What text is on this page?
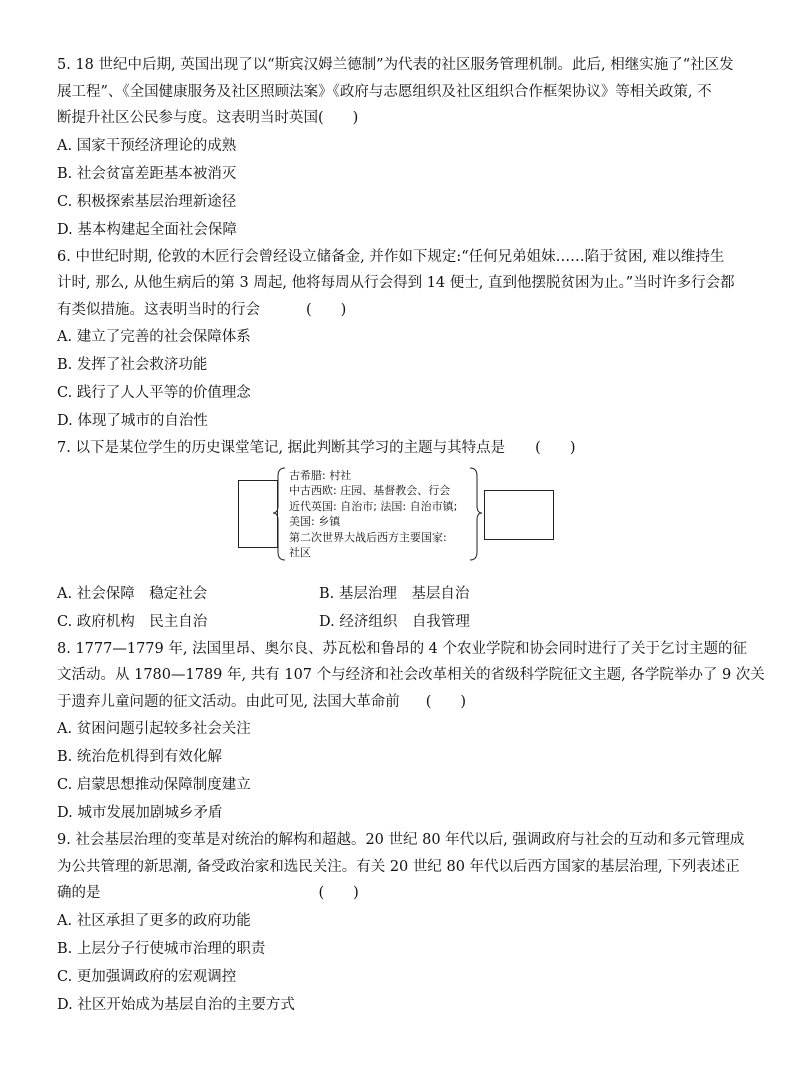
5. 18 世纪中后期, 英国出现了以“斯宾汉姆兰德制”为代表的社区服务管理机制。此后, 相继实施了“社区发
展工程”、《全国健康服务及社区照顾法案》《政府与志愿组织及社区组织合作框架协议》等相关政策, 不
断提升社区公民参与度。这表明当时英国(　　)
A. 国家干预经济理论的成熟
B. 社会贫富差距基本被消灭
C. 积极探索基层治理新途径
D. 基本构建起全面社会保障
6. 中世纪时期, 伦敦的木匠行会曾经设立储备金, 并作如下规定:“任何兄弟姐妹……陷于贫困, 难以维持生
计时, 那么, 从他生病后的第 3 周起, 他将每周从行会得到 14 便士, 直到他摆脱贫困为止。”当时许多行会都
有类似措施。这表明当时的行会	(　　)
A. 建立了完善的社会保障体系
B. 发挥了社会救济功能
C. 践行了人人平等的价值理念
D. 体现了城市的自治性
7. 以下是某位学生的历史课堂笔记, 据此判断其学习的主题与其特点是 (　　)
古希腊: 村社
中古西欧: 庄园、基督教会、行会
近代英国: 自治市; 法国: 自治市镇;
美国: 乡镇
第二次世界大战后西方主要国家:
社区
A. 社会保障　稳定社会	B. 基层治理　基层自治
C. 政府机构　民主自治	D. 经济组织　自我管理
8. 1777—1779 年, 法国里昂、奥尔良、苏瓦松和鲁昂的 4 个农业学院和协会同时进行了关于乞讨主题的征
文活动。从 1780—1789 年, 共有 107 个与经济和社会改革相关的省级科学院征文主题, 各学院举办了 9 次关
于遗弃儿童问题的征文活动。由此可见, 法国大革命前 (　　)
A. 贫困问题引起较多社会关注
B. 统治危机得到有效化解
C. 启蒙思想推动保障制度建立
D. 城市发展加剧城乡矛盾
9. 社会基层治理的变革是对统治的解构和超越。20 世纪 80 年代以后, 强调政府与社会的互动和多元管理成
为公共管理的新思潮, 备受政治家和选民关注。有关 20 世纪 80 年代以后西方国家的基层治理, 下列表述正
确的是	(　　)
A. 社区承担了更多的政府功能
B. 上层分子行使城市治理的职责
C. 更加强调政府的宏观调控
D. 社区开始成为基层自治的主要方式
